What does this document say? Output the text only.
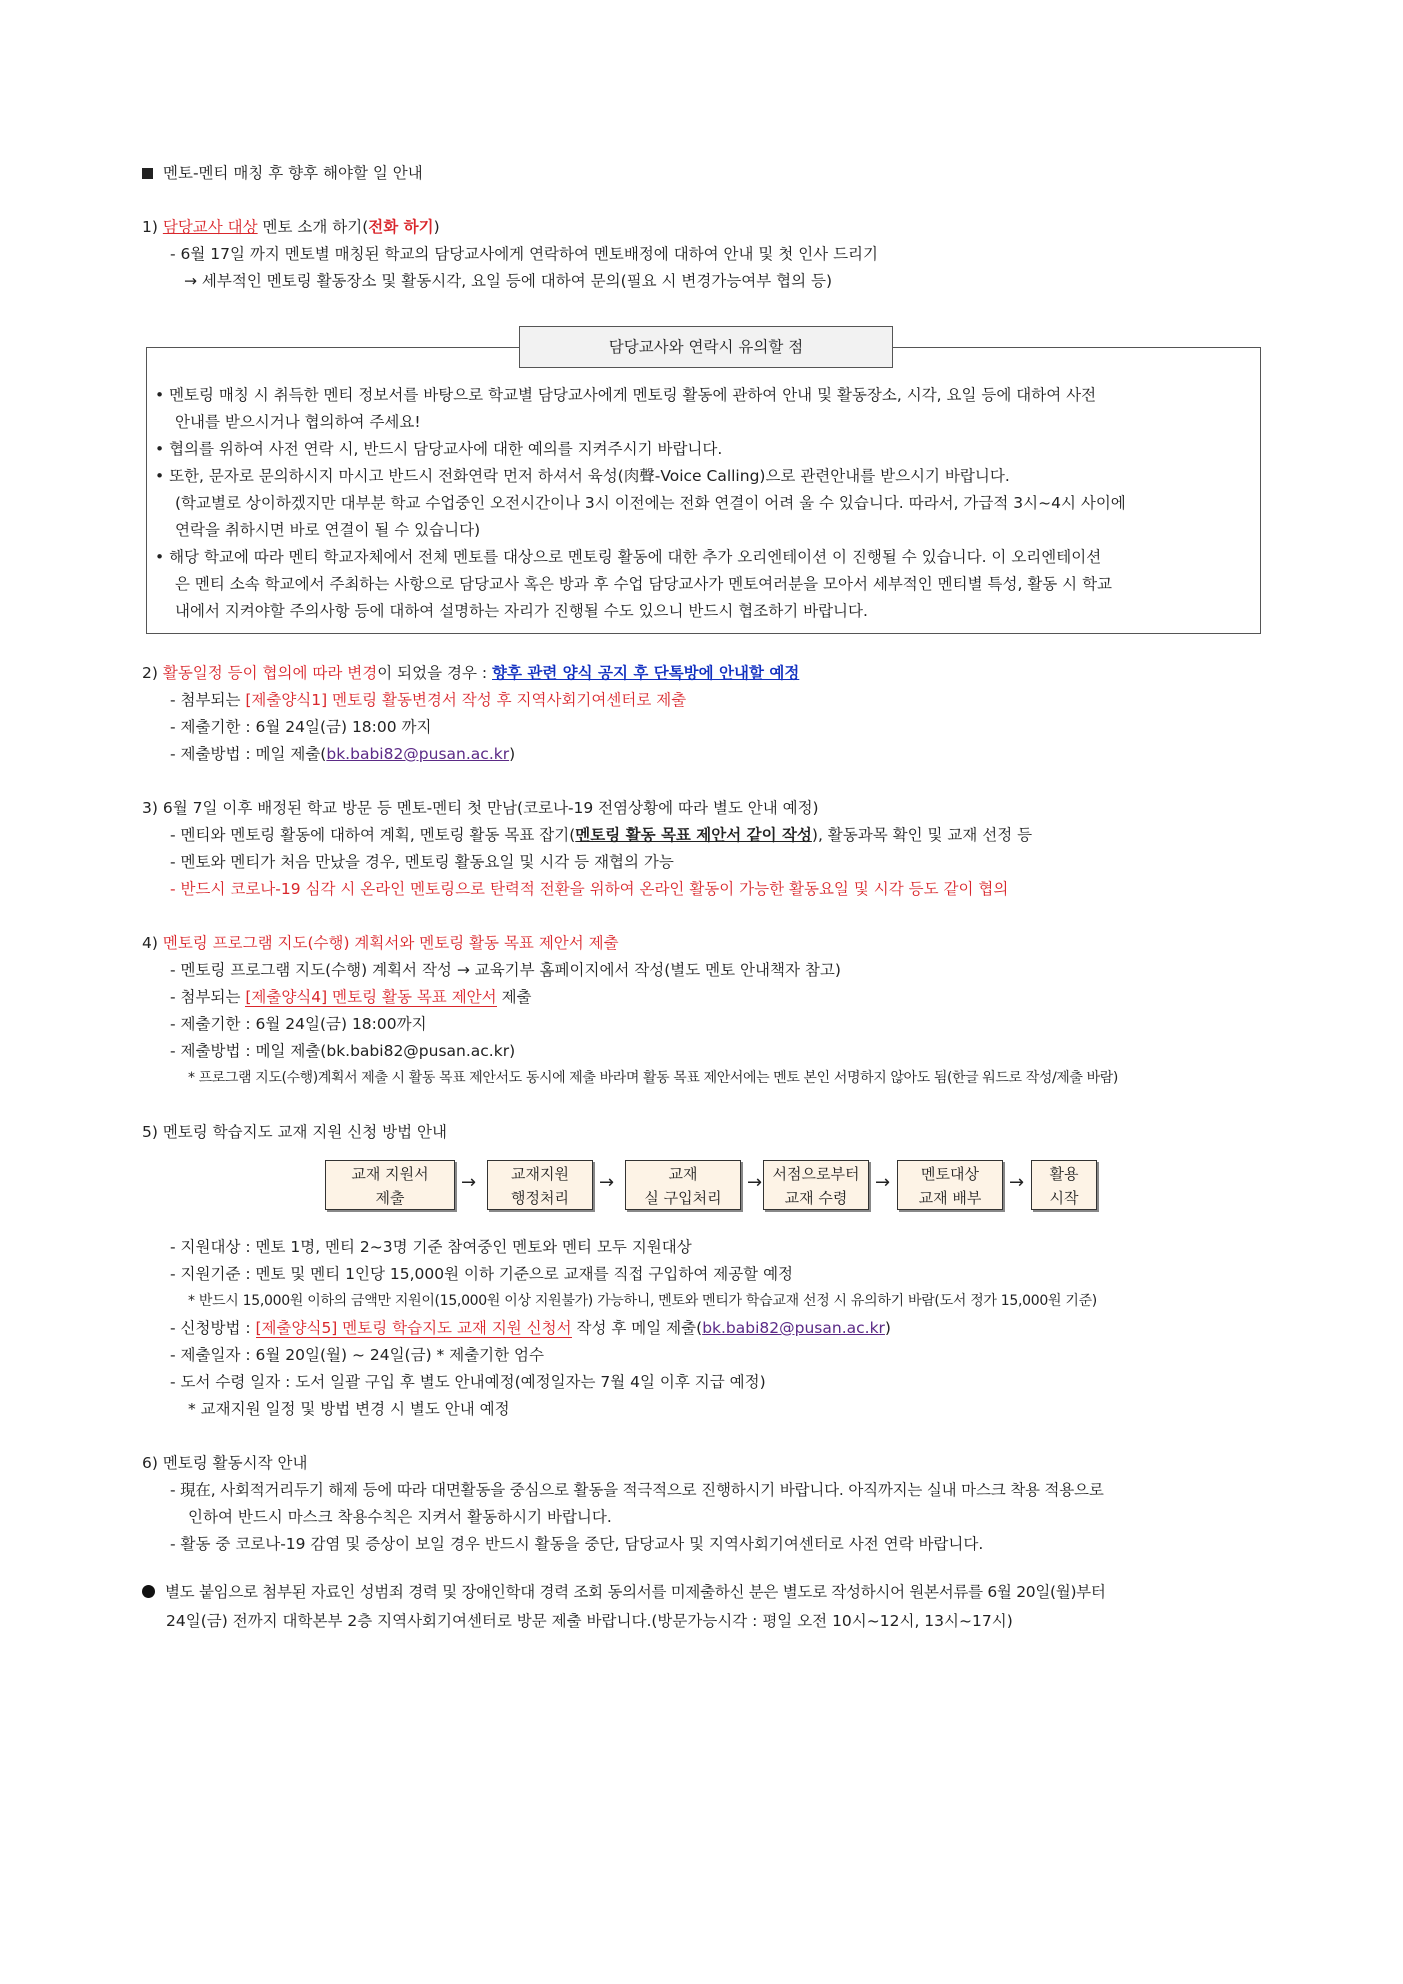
멘토-멘티 매칭 후 향후 해야할 일 안내
1) 담당교사 대상 멘토 소개 하기(전화 하기)
- 6월 17일 까지 멘토별 매칭된 학교의 담당교사에게 연락하여 멘토배정에 대하여 안내 및 첫 인사 드리기
→ 세부적인 멘토링 활동장소 및 활동시각, 요일 등에 대하여 문의(필요 시 변경가능여부 협의 등)
담당교사와 연락시 유의할 점
• 멘토링 매칭 시 취득한 멘티 정보서를 바탕으로 학교별 담당교사에게 멘토링 활동에 관하여 안내 및 활동장소, 시각, 요일 등에 대하여 사전
안내를 받으시거나 협의하여 주세요!
• 협의를 위하여 사전 연락 시, 반드시 담당교사에 대한 예의를 지켜주시기 바랍니다.
• 또한, 문자로 문의하시지 마시고 반드시 전화연락 먼저 하셔서 육성(肉聲-Voice Calling)으로 관련안내를 받으시기 바랍니다.
(학교별로 상이하겠지만 대부분 학교 수업중인 오전시간이나 3시 이전에는 전화 연결이 어려 울 수 있습니다. 따라서, 가급적 3시~4시 사이에
연락을 취하시면 바로 연결이 될 수 있습니다)
• 해당 학교에 따라 멘티 학교자체에서 전체 멘토를 대상으로 멘토링 활동에 대한 추가 오리엔테이션 이 진행될 수 있습니다. 이 오리엔테이션
은 멘티 소속 학교에서 주최하는 사항으로 담당교사 혹은 방과 후 수업 담당교사가 멘토여러분을 모아서 세부적인 멘티별 특성, 활동 시 학교
내에서 지켜야할 주의사항 등에 대하여 설명하는 자리가 진행될 수도 있으니 반드시 협조하기 바랍니다.
2) 활동일정 등이 협의에 따라 변경이 되었을 경우 : 향후 관련 양식 공지 후 단톡방에 안내할 예정
- 첨부되는 [제출양식1] 멘토링 활동변경서 작성 후 지역사회기여센터로 제출
- 제출기한 : 6월 24일(금) 18:00 까지
- 제출방법 : 메일 제출(bk.babi82@pusan.ac.kr)
3) 6월 7일 이후 배정된 학교 방문 등 멘토-멘티 첫 만남(코로나-19 전염상황에 따라 별도 안내 예정)
- 멘티와 멘토링 활동에 대하여 계획, 멘토링 활동 목표 잡기(멘토링 활동 목표 제안서 같이 작성), 활동과목 확인 및 교재 선정 등
- 멘토와 멘티가 처음 만났을 경우, 멘토링 활동요일 및 시각 등 재협의 가능
- 반드시 코로나-19 심각 시 온라인 멘토링으로 탄력적 전환을 위하여 온라인 활동이 가능한 활동요일 및 시각 등도 같이 협의
4) 멘토링 프로그램 지도(수행) 계획서와 멘토링 활동 목표 제안서 제출
- 멘토링 프로그램 지도(수행) 계획서 작성 → 교육기부 홈페이지에서 작성(별도 멘토 안내책자 참고)
- 첨부되는 [제출양식4] 멘토링 활동 목표 제안서 제출
- 제출기한 : 6월 24일(금) 18:00까지
- 제출방법 : 메일 제출(bk.babi82@pusan.ac.kr)
* 프로그램 지도(수행)계획서 제출 시 활동 목표 제안서도 동시에 제출 바라며 활동 목표 제안서에는 멘토 본인 서명하지 않아도 됨(한글 워드로 작성/제출 바람)
5) 멘토링 학습지도 교재 지원 신청 방법 안내
교재 지원서
제출
→	교재지원
행정처리
→	교재
실 구입처리
→ 서점으로부터
교재 수령
→	멘토대상
교재 배부
→	활용
시작
- 지원대상 : 멘토 1명, 멘티 2~3명 기준 참여중인 멘토와 멘티 모두 지원대상
- 지원기준 : 멘토 및 멘티 1인당 15,000원 이하 기준으로 교재를 직접 구입하여 제공할 예정
* 반드시 15,000원 이하의 금액만 지원이(15,000원 이상 지원불가) 가능하니, 멘토와 멘티가 학습교재 선정 시 유의하기 바람(도서 정가 15,000원 기준)
- 신청방법 : [제출양식5] 멘토링 학습지도 교재 지원 신청서 작성 후 메일 제출(bk.babi82@pusan.ac.kr)
- 제출일자 : 6월 20일(월) ~ 24일(금) * 제출기한 엄수
- 도서 수령 일자 : 도서 일괄 구입 후 별도 안내예정(예정일자는 7월 4일 이후 지급 예정)
* 교재지원 일정 및 방법 변경 시 별도 안내 예정
6) 멘토링 활동시작 안내
- 現在, 사회적거리두기 해제 등에 따라 대면활동을 중심으로 활동을 적극적으로 진행하시기 바랍니다. 아직까지는 실내 마스크 착용 적용으로
인하여 반드시 마스크 착용수칙은 지켜서 활동하시기 바랍니다.
- 활동 중 코로나-19 감염 및 증상이 보일 경우 반드시 활동을 중단, 담당교사 및 지역사회기여센터로 사전 연락 바랍니다.
별도 붙임으로 첨부된 자료인 성범죄 경력 및 장애인학대 경력 조회 동의서를 미제출하신 분은 별도로 작성하시어 원본서류를 6월 20일(월)부터
24일(금) 전까지 대학본부 2층 지역사회기여센터로 방문 제출 바랍니다.(방문가능시각 : 평일 오전 10시~12시, 13시~17시)
